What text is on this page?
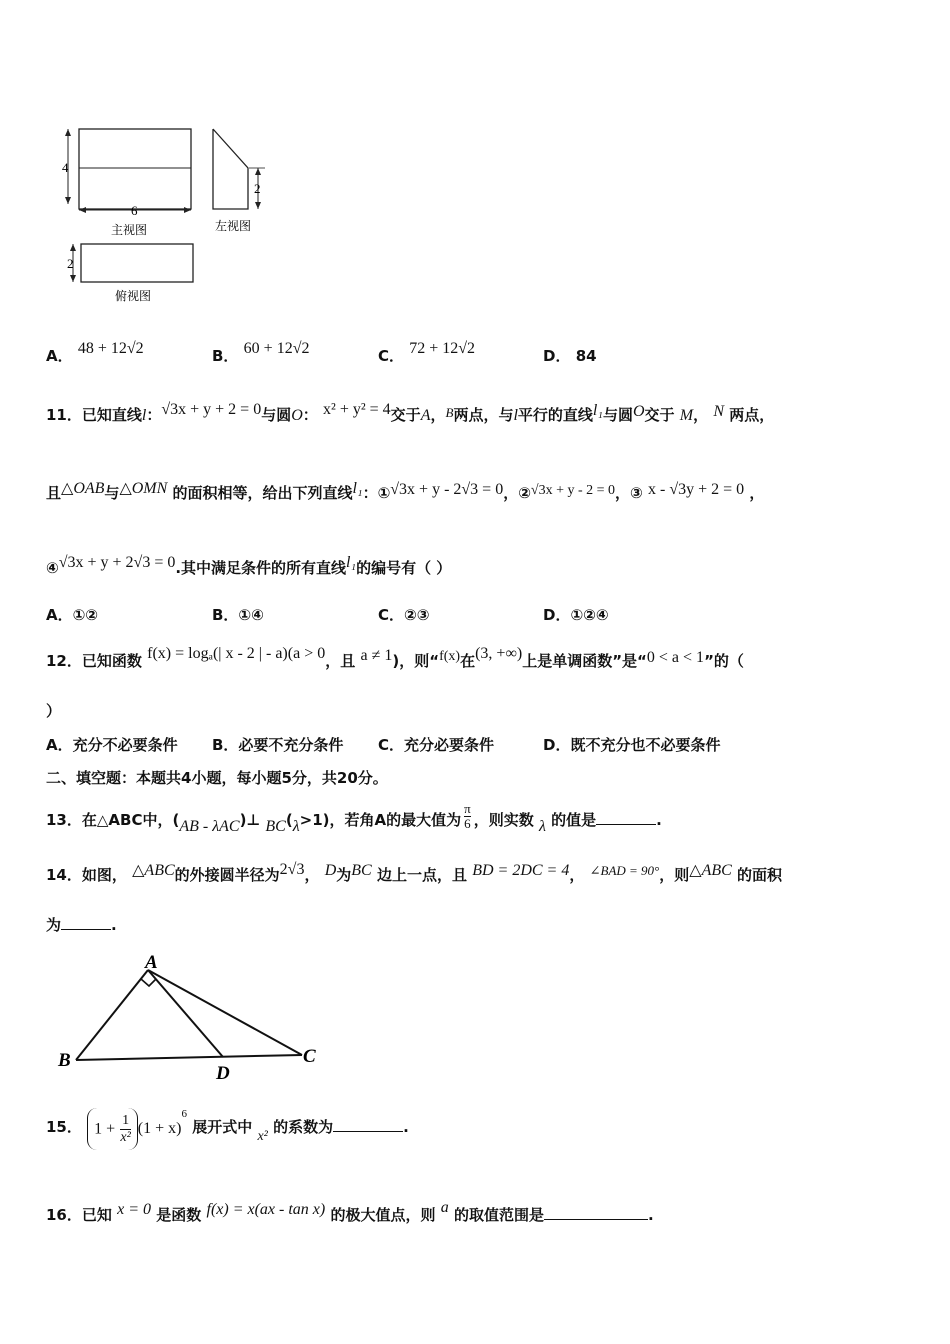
4
6
主视图
2
左视图
2
俯视图
A． 48 + 12√2	B． 60 + 12√2	C． 72 + 12√2	D． 84
11．已知直线l：√3x + y + 2 = 0与圆O： x² + y² = 4交于A，B两点，与l平行的直线l₁与圆O交于 M， N 两点，
且△OAB与△OMN 的面积相等，给出下列直线l₁：①√3x + y - 2√3 = 0，②√3x + y - 2 = 0，③ x - √3y + 2 = 0 ，
④√3x + y + 2√3 = 0.其中满足条件的所有直线l₁的编号有（ ）
A．①②	B．①④	C．②③	D．①②④
12．已知函数 f(x) = logₐ(| x - 2 | - a)(a > 0，且 a ≠ 1)，则“f(x)在(3, +∞)上是单调函数”是“0 < a < 1”的（
）
A．充分不必要条件 B．必要不充分条件 C．充分必要条件	D．既不充分也不必要条件
二、填空题：本题共4小题，每小题5分，共20分。
13．在△ABC中，(AB - λAC)⊥ BC(λ>1)，若角A的最大值为 $\frac{\pi}{6}$ ，则实数 λ 的值是	.
14．如图， △ABC的外接圆半径为2√3， D为BC 边上一点，且 BD = 2DC = 4， ∠BAD = 90°，则△ABC 的面积
为	.
A
B	C
D
15． $1 + \frac{1}{\text{x²}} (1 + x)^6$ 展开式中 x² 的系数为	.
16．已知 x = 0 是函数 f(x) = x(ax - tan x) 的极大值点，则 a 的取值范围是	.
